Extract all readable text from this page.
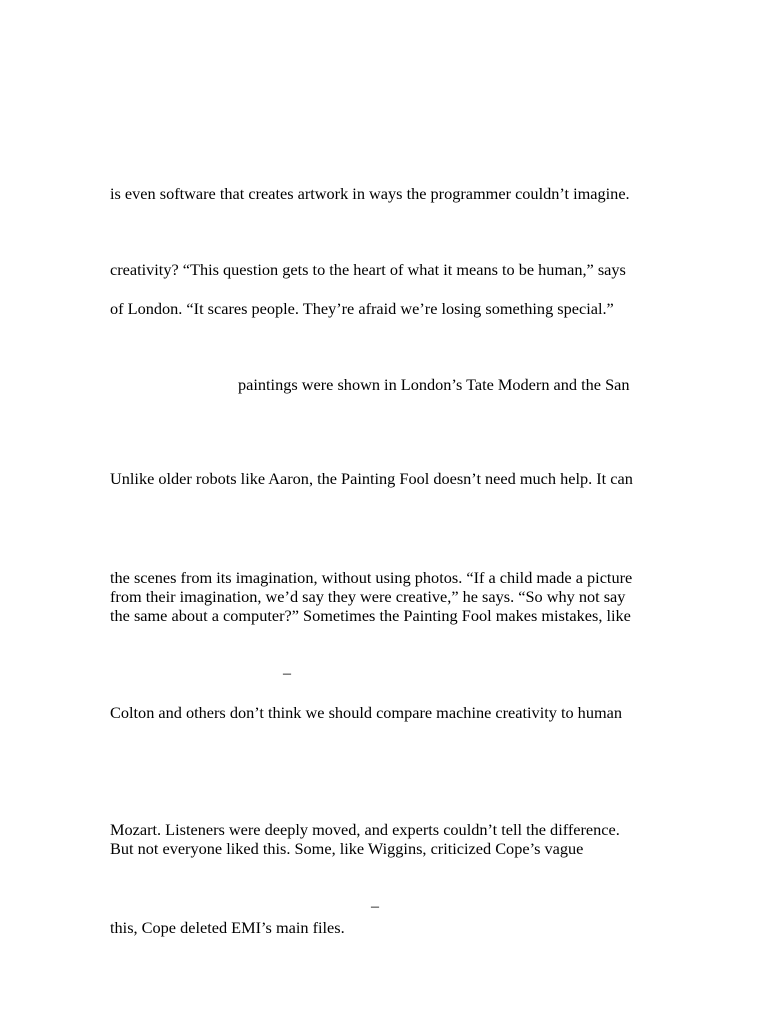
is even software that creates artwork in ways the programmer couldn’t imagine.

creativity? “This question gets to the heart of what it means to be human,” says

of London. “It scares people. They’re afraid we’re losing something special.”

paintings were shown in London’s Tate Modern and the San

Unlike older robots like Aaron, the Painting Fool doesn’t need much help. It can

the scenes from its imagination, without using photos. “If a child made a picture

from their imagination, we’d say they were creative,” he says. “So why not say

the same about a computer?” Sometimes the Painting Fool makes mistakes, like

–

Colton and others don’t think we should compare machine creativity to human

Mozart. Listeners were deeply moved, and experts couldn’t tell the difference.

But not everyone liked this. Some, like Wiggins, criticized Cope’s vague

–

this, Cope deleted EMI’s main files.
